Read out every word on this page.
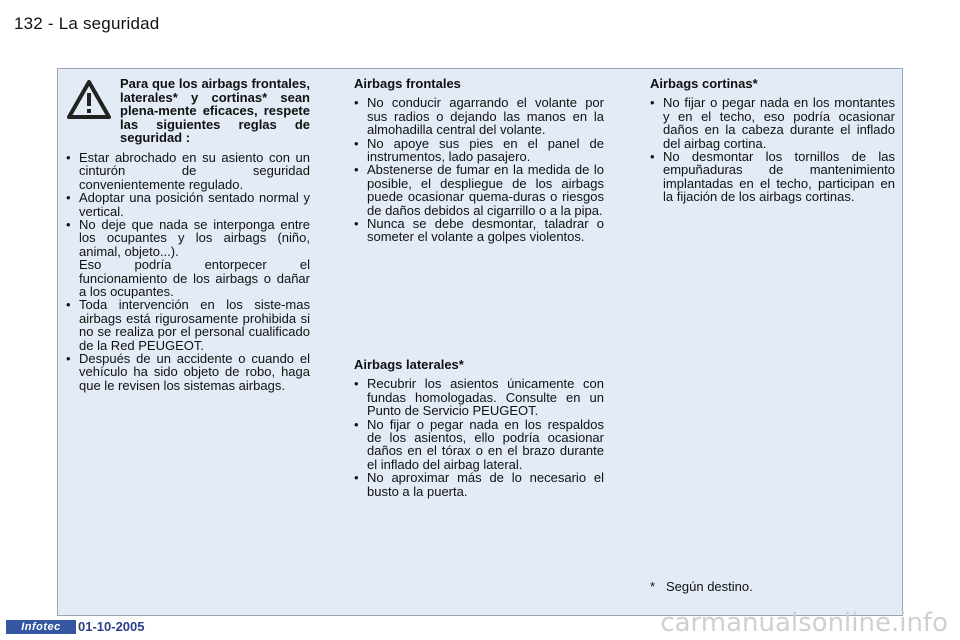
132 - La seguridad
Para que los airbags frontales, laterales* y cortinas* sean plena-mente eficaces, respete las siguientes reglas de seguridad :
• Estar abrochado en su asiento con un cinturón de seguridad convenientemente regulado.
• Adoptar una posición sentado normal y vertical.
• No deje que nada se interponga entre los ocupantes y los airbags (niño, animal, objeto...).
Eso podría entorpecer el funcionamiento de los airbags o dañar a los ocupantes.
• Toda intervención en los siste-mas airbags está rigurosamente prohibida si no se realiza por el personal cualificado de la Red PEUGEOT.
• Después de un accidente o cuando el vehículo ha sido objeto de robo, haga que le revisen los sistemas airbags.
Airbags frontales
• No conducir agarrando el volante por sus radios o dejando las manos en la almohadilla central del volante.
• No apoye sus pies en el panel de instrumentos, lado pasajero.
• Abstenerse de fumar en la medida de lo posible, el despliegue de los airbags puede ocasionar quema-duras o riesgos de daños debidos al cigarrillo o a la pipa.
• Nunca se debe desmontar, taladrar o someter el volante a golpes violentos.
Airbags laterales*
• Recubrir los asientos únicamente con fundas homologadas. Consulte en un Punto de Servicio PEUGEOT.
• No fijar o pegar nada en los respaldos de los asientos, ello podría ocasionar daños en el tórax o en el brazo durante el inflado del airbag lateral.
• No aproximar más de lo necesario el busto a la puerta.
Airbags cortinas*
• No fijar o pegar nada en los montantes y en el techo, eso podría ocasionar daños en la cabeza durante el inflado del airbag cortina.
• No desmontar los tornillos de las empuñaduras de mantenimiento implantadas en el techo, participan en la fijación de los airbags cortinas.
* Según destino.
Infotec	01-10-2005	carmanualsonline.info
